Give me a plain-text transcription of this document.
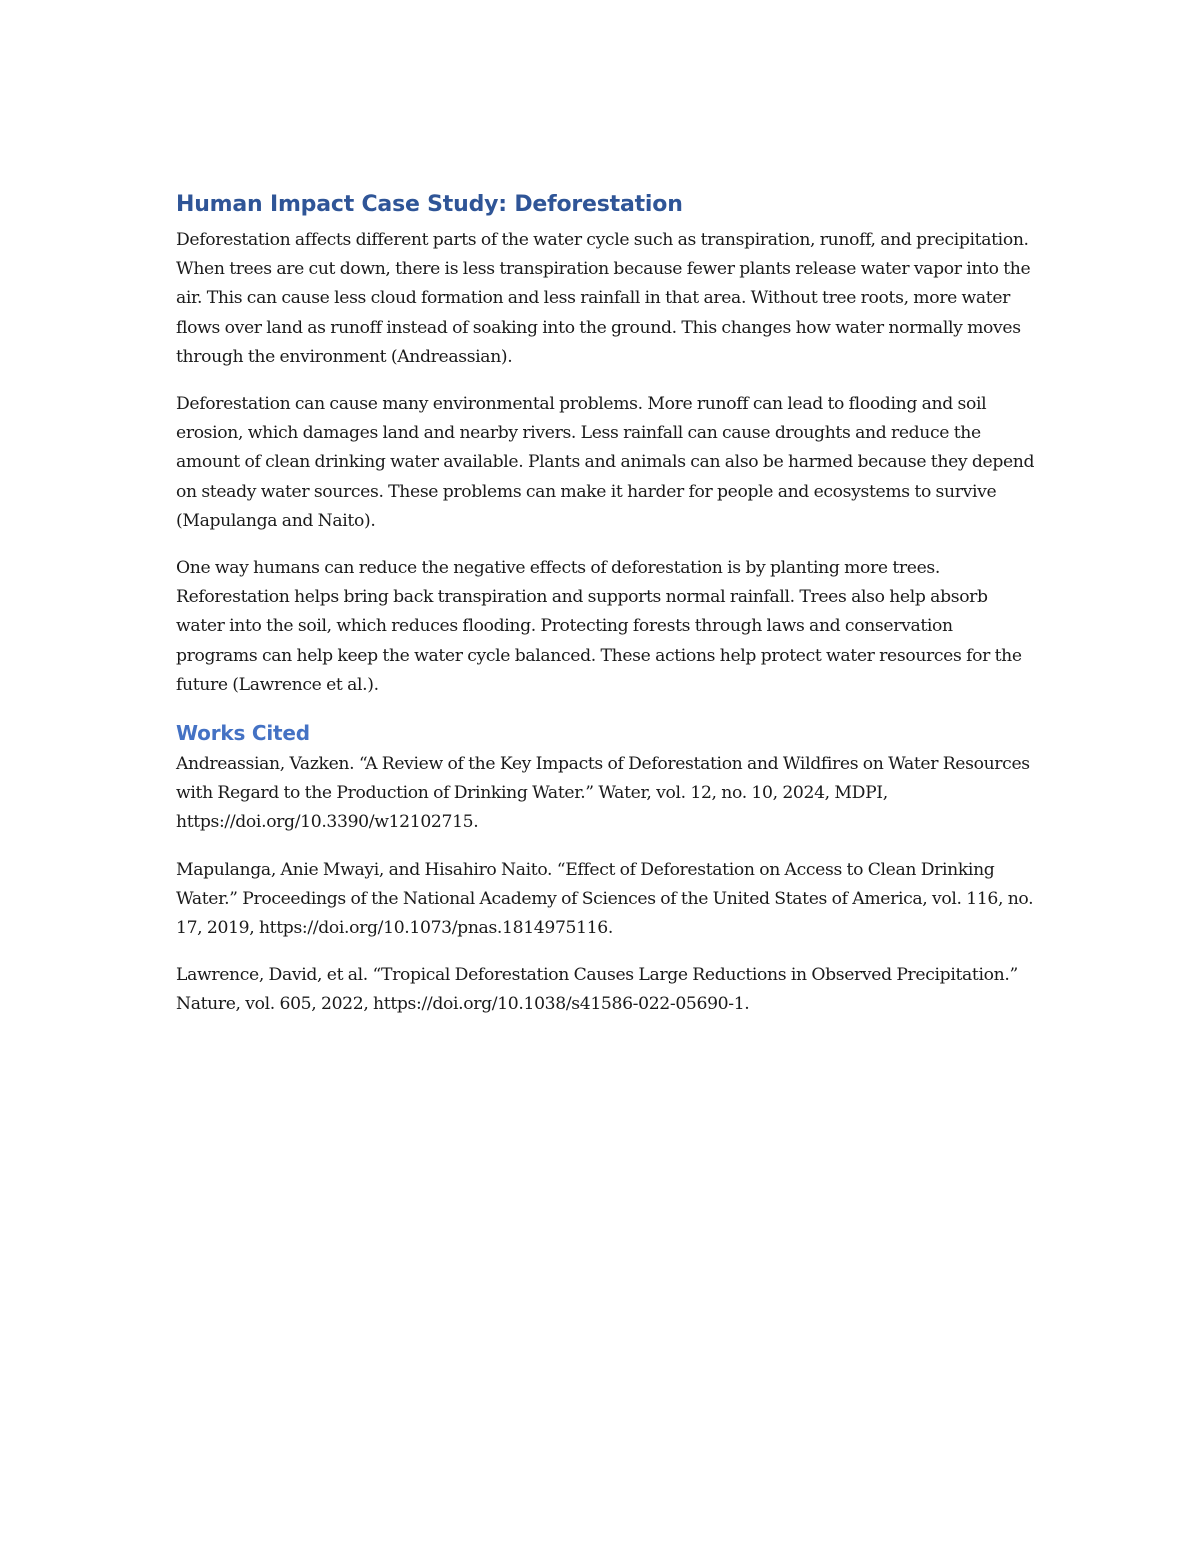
Human Impact Case Study: Deforestation

Deforestation affects different parts of the water cycle such as transpiration, runoff, and precipitation. When trees are cut down, there is less transpiration because fewer plants release water vapor into the air. This can cause less cloud formation and less rainfall in that area. Without tree roots, more water flows over land as runoff instead of soaking into the ground. This changes how water normally moves through the environment (Andreassian).

Deforestation can cause many environmental problems. More runoff can lead to flooding and soil erosion, which damages land and nearby rivers. Less rainfall can cause droughts and reduce the amount of clean drinking water available. Plants and animals can also be harmed because they depend on steady water sources. These problems can make it harder for people and ecosystems to survive (Mapulanga and Naito).

One way humans can reduce the negative effects of deforestation is by planting more trees. Reforestation helps bring back transpiration and supports normal rainfall. Trees also help absorb water into the soil, which reduces flooding. Protecting forests through laws and conservation programs can help keep the water cycle balanced. These actions help protect water resources for the future (Lawrence et al.).

Works Cited

Andreassian, Vazken. “A Review of the Key Impacts of Deforestation and Wildfires on Water Resources with Regard to the Production of Drinking Water.” Water, vol. 12, no. 10, 2024, MDPI, https://doi.org/10.3390/w12102715.

Mapulanga, Anie Mwayi, and Hisahiro Naito. “Effect of Deforestation on Access to Clean Drinking Water.” Proceedings of the National Academy of Sciences of the United States of America, vol. 116, no. 17, 2019, https://doi.org/10.1073/pnas.1814975116.

Lawrence, David, et al. “Tropical Deforestation Causes Large Reductions in Observed Precipitation.” Nature, vol. 605, 2022, https://doi.org/10.1038/s41586-022-05690-1.
